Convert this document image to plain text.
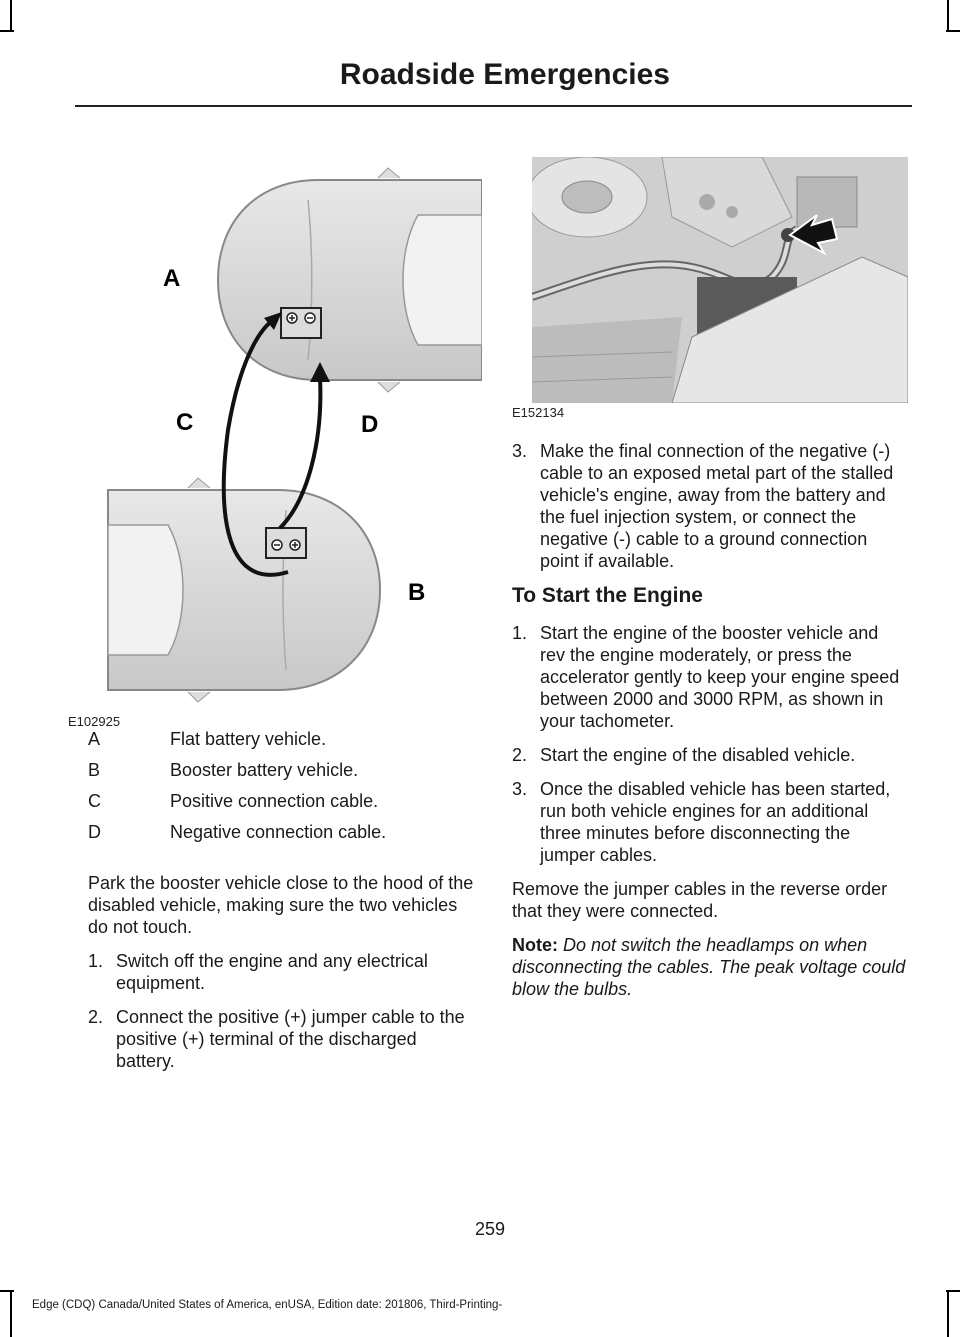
Roadside Emergencies
A
C	D
B
E102925
E152134
A	Flat battery vehicle.
B	Booster battery vehicle.
C	Positive connection cable.
D	Negative connection cable.

Park the booster vehicle close to the hood of the disabled vehicle, making sure the two vehicles do not touch.

1. Switch off the engine and any electrical equipment.
2. Connect the positive (+) jumper cable to the positive (+) terminal of the discharged battery.
3. Make the final connection of the negative (-) cable to an exposed metal part of the stalled vehicle's engine, away from the battery and the fuel injection system, or connect the negative (-) cable to a ground connection point if available.
To Start the Engine
1. Start the engine of the booster vehicle and rev the engine moderately, or press the accelerator gently to keep your engine speed between 2000 and 3000 RPM, as shown in your tachometer.
2. Start the engine of the disabled vehicle.
3. Once the disabled vehicle has been started, run both vehicle engines for an additional three minutes before disconnecting the jumper cables.

Remove the jumper cables in the reverse order that they were connected.

Note: Do not switch the headlamps on when disconnecting the cables. The peak voltage could blow the bulbs.

259
Edge (CDQ) Canada/United States of America, enUSA, Edition date: 201806, Third-Printing-
